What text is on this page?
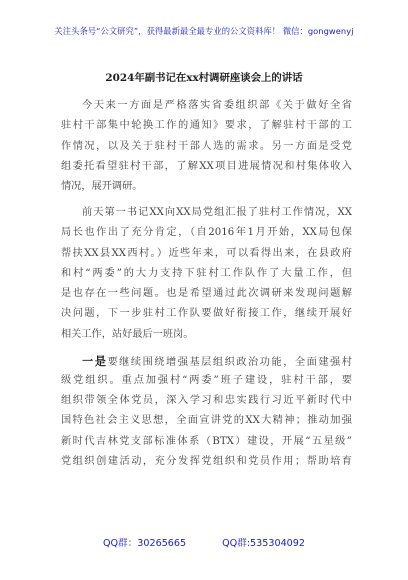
关注头条号“公文研究”，获得最新最全最专业的公文资料库！ 微信：gongwenyj
2024年副书记在xx村调研座谈会上的讲话
今天来一方面是严格落实省委组织部《关于做好全省
驻村干部集中轮换工作的通知》要求，了解驻村干部的工
作情况，以及关于驻村干部人选的需求。另一方面是受党
组委托看望驻村干部，了解XX项目进展情况和村集体收入
情况，展开调研。
前天第一书记XX向XX局党组汇报了驻村工作情况，XX
局长也作出了充分肯定，（自2016年1月开始，XX局包保
帮扶XX县XX西村。）近些年来，可以看得出来，在县政府
和村“两委”的大力支持下驻村工作队作了大量工作，但
是也存在一些问题。也是希望通过此次调研来发现问题解
决问题，下一步驻村工作队要做好衔接工作，继续开展好
相关工作，站好最后一班岗。
一是要继续围绕增强基层组织政治功能，全面建强村
级党组织。重点加强村“两委”班子建设，驻村干部，要
组织带领全体党员，深入学习和忠实践行习近平新时代中
国特色社会主义思想，全面宣讲党的XX大精神；推动加强
新时代吉林党支部标准体系（BTX）建设，开展“五星级”
党组织创建活动，充分发挥党组织和党员作用；帮助培育
QQ群：30265665	QQ群:535304092
